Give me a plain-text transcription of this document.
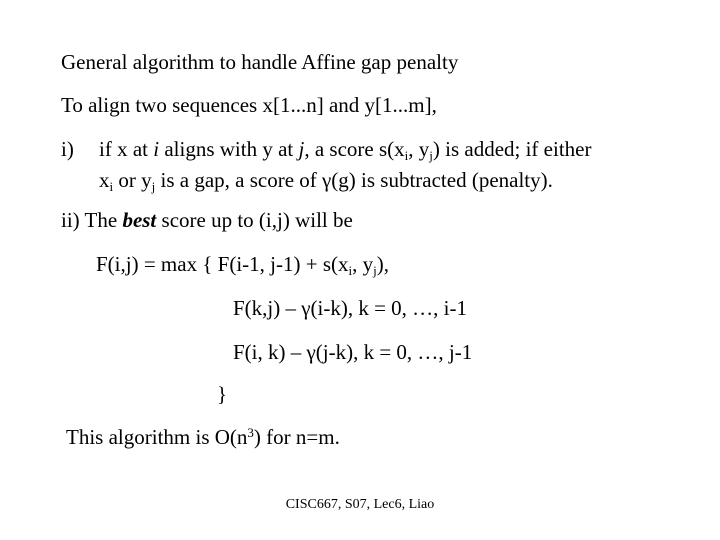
General algorithm to handle Affine gap penalty
To align two sequences x[1...n] and y[1...m],
i) if x at i aligns with y at j, a score $s(x_i$, $y_j$) is added; if either
$x_i$ or $y_j$ is a gap, a score of γ(g) is subtracted (penalty).
ii) The best score up to (i,j) will be
F(i,j) = max { F(i-1, $j-1) + s(x_i$, $y_j$),
F(k,j) – γ(i-k), k = 0, …, i-1
F(i, k) – γ(j-k), k = 0, …, j-1
}
This algorithm is $O(n^3)$ for n=m.
CISC667, S07, Lec6, Liao
